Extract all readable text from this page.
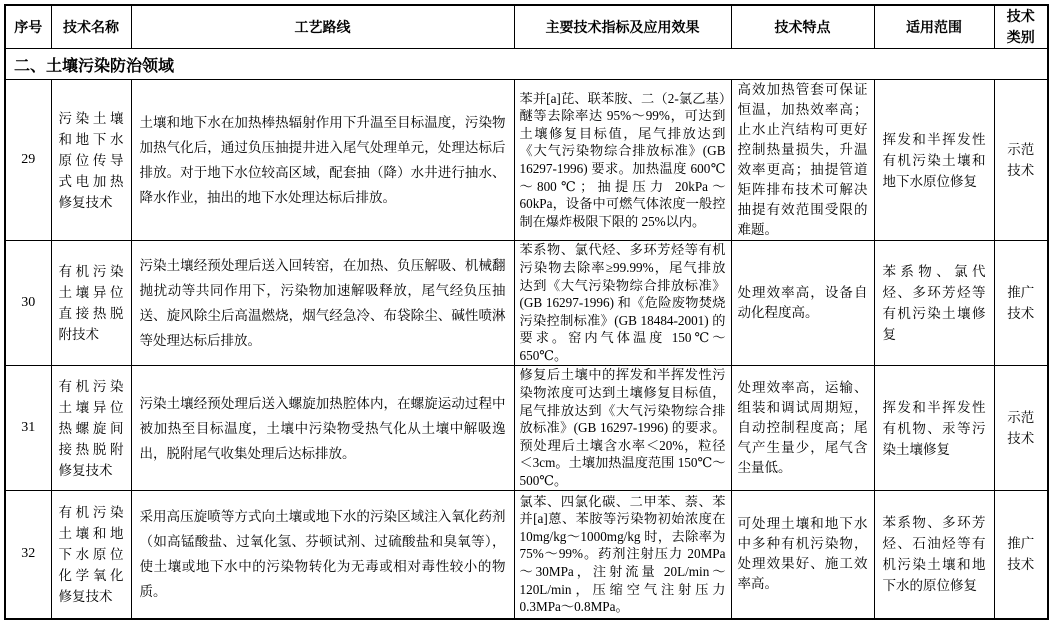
序号	技术名称	工艺路线	主要技术指标及应用效果	技术特点	适用范围	技术类别
二、土壤污染防治领域						
29	污染土壤和地下水原位传导式电加热修复技术	土壤和地下水在加热棒热辐射作用下升温至目标温度，污染物加热气化后，通过负压抽提井进入尾气处理单元，处理达标后排放。对于地下水位较高区域，配套抽（降）水井进行抽水、降水作业，抽出的地下水处理达标后排放。	苯并[a]芘、联苯胺、二（2-氯乙基）醚等去除率达 95%～99%，可达到土壤修复目标值，尾气排放达到《大气污染物综合排放标准》(GB 16297-1996) 要求。加热温度 600℃～800℃；抽提压力 20kPa～60kPa，设备中可燃气体浓度一般控制在爆炸极限下限的 25%以内。	高效加热管套可保证恒温，加热效率高；止水止汽结构可更好控制热量损失，升温效率更高；抽提管道矩阵排布技术可解决抽提有效范围受限的难题。	挥发和半挥发性有机污染土壤和地下水原位修复	示范技术
30	有机污染土壤异位直接热脱附技术	污染土壤经预处理后送入回转窑，在加热、负压解吸、机械翻抛扰动等共同作用下，污染物加速解吸释放，尾气经负压抽送、旋风除尘后高温燃烧，烟气经急冷、布袋除尘、碱性喷淋等处理达标后排放。	苯系物、氯代烃、多环芳烃等有机污染物去除率≥99.99%，尾气排放达到《大气污染物综合排放标准》(GB 16297-1996) 和《危险废物焚烧污染控制标准》(GB 18484-2001) 的要求。窑内气体温度 150℃～650℃。	处理效率高，设备自动化程度高。	苯系物、氯代烃、多环芳烃等有机污染土壤修复	推广技术
31	有机污染土壤异位热螺旋间接热脱附修复技术	污染土壤经预处理后送入螺旋加热腔体内，在螺旋运动过程中被加热至目标温度，土壤中污染物受热气化从土壤中解吸逸出，脱附尾气收集处理后达标排放。	修复后土壤中的挥发和半挥发性污染物浓度可达到土壤修复目标值，尾气排放达到《大气污染物综合排放标准》(GB 16297-1996) 的要求。预处理后土壤含水率＜20%，粒径＜3cm。土壤加热温度范围 150℃～500℃。	处理效率高，运输、组装和调试周期短，自动控制程度高；尾气产生量少，尾气含尘量低。	挥发和半挥发性有机物、汞等污染土壤修复	示范技术
32	有机污染土壤和地下水原位化学氧化修复技术	采用高压旋喷等方式向土壤或地下水的污染区域注入氧化药剂（如高锰酸盐、过氧化氢、芬顿试剂、过硫酸盐和臭氧等），使土壤或地下水中的污染物转化为无毒或相对毒性较小的物质。	氯苯、四氯化碳、二甲苯、萘、苯并[a]蒽、苯胺等污染物初始浓度在 10mg/kg～1000mg/kg 时，去除率为 75%～99%。药剂注射压力 20MPa～30MPa，注射流量 20L/min～120L/min，压缩空气注射压力 0.3MPa～0.8MPa。	可处理土壤和地下水中多种有机污染物，处理效果好、施工效率高。	苯系物、多环芳烃、石油烃等有机污染土壤和地下水的原位修复	推广技术
